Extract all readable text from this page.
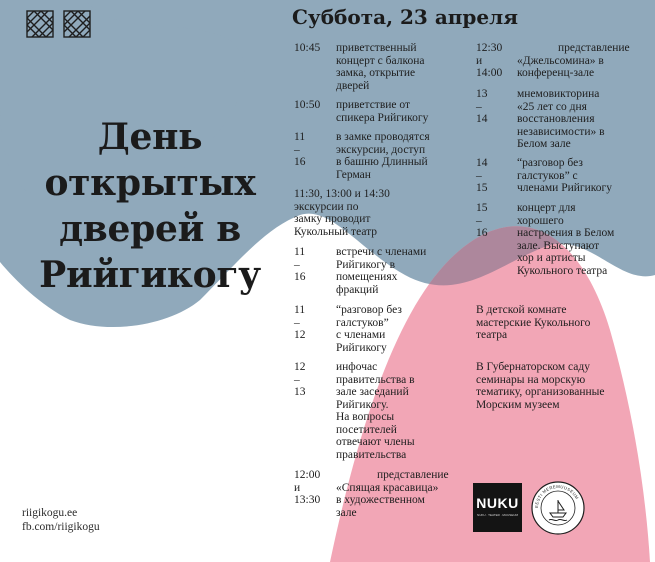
Суббота, 23 апреля
День
открытых
дверей в
Рийгикогу
10:45 приветственный
концерт с балкона
замка, открытие
дверей
10:50 приветствие от
спикера Рийгикогу
11 – 16
в замке проводятся
экскурсии, доступ
в башню Длинный
Герман
11:30, 13:00 и 14:30
экскурсии по
замку проводит
Кукольный театр
11 – 16
встречи с членами
Рийгикогу в
помещениях
фракций
11 – 12
“разговор без
галстуков”
с членами
Рийгикогу
12 – 13
инфочас
правительства в
зале заседаний
Рийгикогу.
На вопросы
посетителей
отвечают члены
правительства
12:00 и 13:30
представление
«Спящая красавица»
в художественном
зале
12:30 и 14:00
представление
«Джельсомина» в
конференц-зале
13 – 14
мнемовикторина
«25 лет со дня
восстановления
независимости» в
Белом зале
14 – 15
“разговор без
галстуков” с
членами Рийгикогу
15 – 16
концерт для
хорошего
настроения в Белом
зале. Выступают
хор и артисты
Кукольного театра
В детской комнате
мастерские Кукольного
театра
В Губернаторском саду
семинары на морскую
тематику, организованные
Морским музеем
riigikogu.ee
fb.com/riigikogu
NUKU
NUKU · TEATER · MUUSEUM
EESTI MEREMUUSEUM
